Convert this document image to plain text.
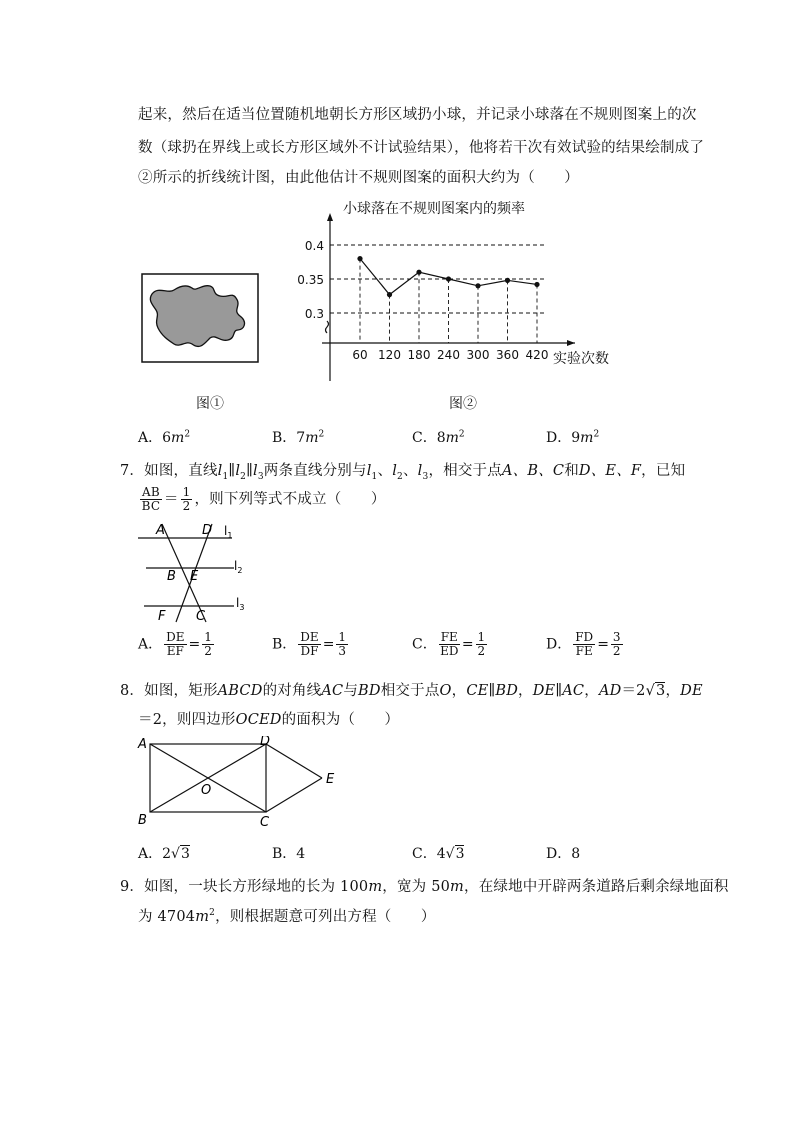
起来，然后在适当位置随机地朝长方形区域扔小球，并记录小球落在不规则图案上的次
数（球扔在界线上或长方形区域外不计试验结果），他将若干次有效试验的结果绘制成了
②所示的折线统计图，由此他估计不规则图案的面积大约为（　　）
图①
小球落在不规则图案内的频率
0.3
0.35
0.4
60 120 180 240 300 360 420 实验次数
图②
A．$6m^2$	B．$7m^2$	C．$8m^2$	D．$9m^2$
7．如图，直线$l_1\parallel l_2\parallel l_3$两条直线分别与$l_1$、$l_2$、$l_3$，相交于点A、B、C和D、E、F，已知
$\frac{AB}{BC} = \frac{1}{2}$ ，则下列等式不成立（　　）
A	D
B E
F C
$l_1$
$l_2$
$l_3$
A． $\frac{DE}{EF} = \frac{1}{2}$	B． $\frac{DE}{DF} = \frac{1}{3}$	C． $\frac{FE}{ED} = \frac{1}{2}$	D． $\frac{FD}{FE} = \frac{3}{2}$
8．如图，矩形ABCD的对角线AC与BD相交于点O，CE∥BD，DE∥AC，AD＝2√3，DE
＝2，则四边形OCED的面积为（　　）
A	D
E
O
B	C
A．2√3	B．4	C．4√3	D．8
9．如图，一块长方形绿地的长为 100m，宽为 50m，在绿地中开辟两条道路后剩余绿地面积
为 $4704m^2$，则根据题意可列出方程（　　）
